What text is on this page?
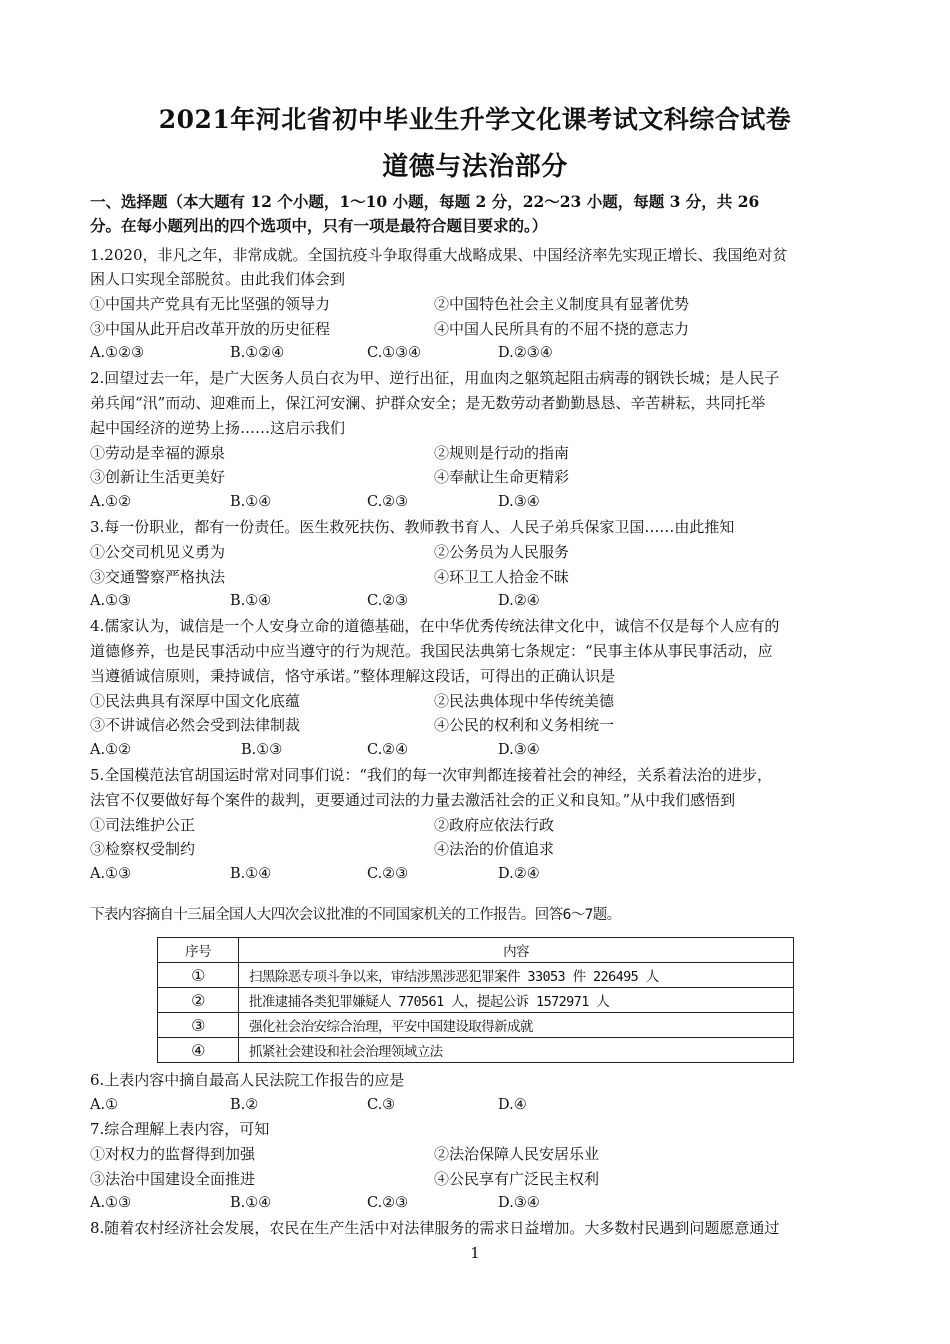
2021年河北省初中毕业生升学文化课考试文科综合试卷
道德与法治部分
一、选择题（本大题有 12 个小题，1～10 小题，每题 2 分，22～23 小题，每题 3 分，共 26
分。在每小题列出的四个选项中，只有一项是最符合题目要求的。）
1.2020，非凡之年，非常成就。全国抗疫斗争取得重大战略成果、中国经济率先实现正增长、我国绝对贫
困人口实现全部脱贫。由此我们体会到
①中国共产党具有无比坚强的领导力	②中国特色社会主义制度具有显著优势
③中国从此开启改革开放的历史征程	④中国人民所具有的不屈不挠的意志力
A.①②③	B.①②④	C.①③④	D.②③④
2.回望过去一年，是广大医务人员白衣为甲、逆行出征，用血肉之躯筑起阻击病毒的钢铁长城；是人民子
弟兵闻“汛”而动、迎难而上，保江河安澜、护群众安全；是无数劳动者勤勤恳恳、辛苦耕耘，共同托举
起中国经济的逆势上扬……这启示我们
①劳动是幸福的源泉	②规则是行动的指南
③创新让生活更美好	④奉献让生命更精彩
A.①②	B.①④	C.②③	D.③④
3.每一份职业，都有一份责任。医生救死扶伤、教师教书育人、人民子弟兵保家卫国……由此推知
①公交司机见义勇为	②公务员为人民服务
③交通警察严格执法	④环卫工人拾金不昧
A.①③	B.①④	C.②③	D.②④
4.儒家认为，诚信是一个人安身立命的道德基础，在中华优秀传统法律文化中，诚信不仅是每个人应有的
道德修养，也是民事活动中应当遵守的行为规范。我国民法典第七条规定：“民事主体从事民事活动，应
当遵循诚信原则，秉持诚信，恪守承诺。”整体理解这段话，可得出的正确认识是
①民法典具有深厚中国文化底蕴	②民法典体现中华传统美德
③不讲诚信必然会受到法律制裁	④公民的权利和义务相统一
A.①②	B.①③	C.②④	D.③④
5.全国模范法官胡国运时常对同事们说：“我们的每一次审判都连接着社会的神经，关系着法治的进步，
法官不仅要做好每个案件的裁判，更要通过司法的力量去激活社会的正义和良知。”从中我们感悟到
①司法维护公正	②政府应依法行政
③检察权受制约	④法治的价值追求
A.①③	B.①④	C.②③	D.②④
下表内容摘自十三届全国人大四次会议批准的不同国家机关的工作报告。回答6～7题。
序号	内容
①	扫黑除恶专项斗争以来，审结涉黑涉恶犯罪案件 33053 件 226495 人
②	批准逮捕各类犯罪嫌疑人 770561 人，提起公诉 1572971 人
③	强化社会治安综合治理，平安中国建设取得新成就
④	抓紧社会建设和社会治理领域立法
6.上表内容中摘自最高人民法院工作报告的应是
A.①	B.②	C.③	D.④
7.综合理解上表内容，可知
①对权力的监督得到加强	②法治保障人民安居乐业
③法治中国建设全面推进	④公民享有广泛民主权利
A.①③	B.①④	C.②③	D.③④
8.随着农村经济社会发展，农民在生产生活中对法律服务的需求日益增加。大多数村民遇到问题愿意通过
1
